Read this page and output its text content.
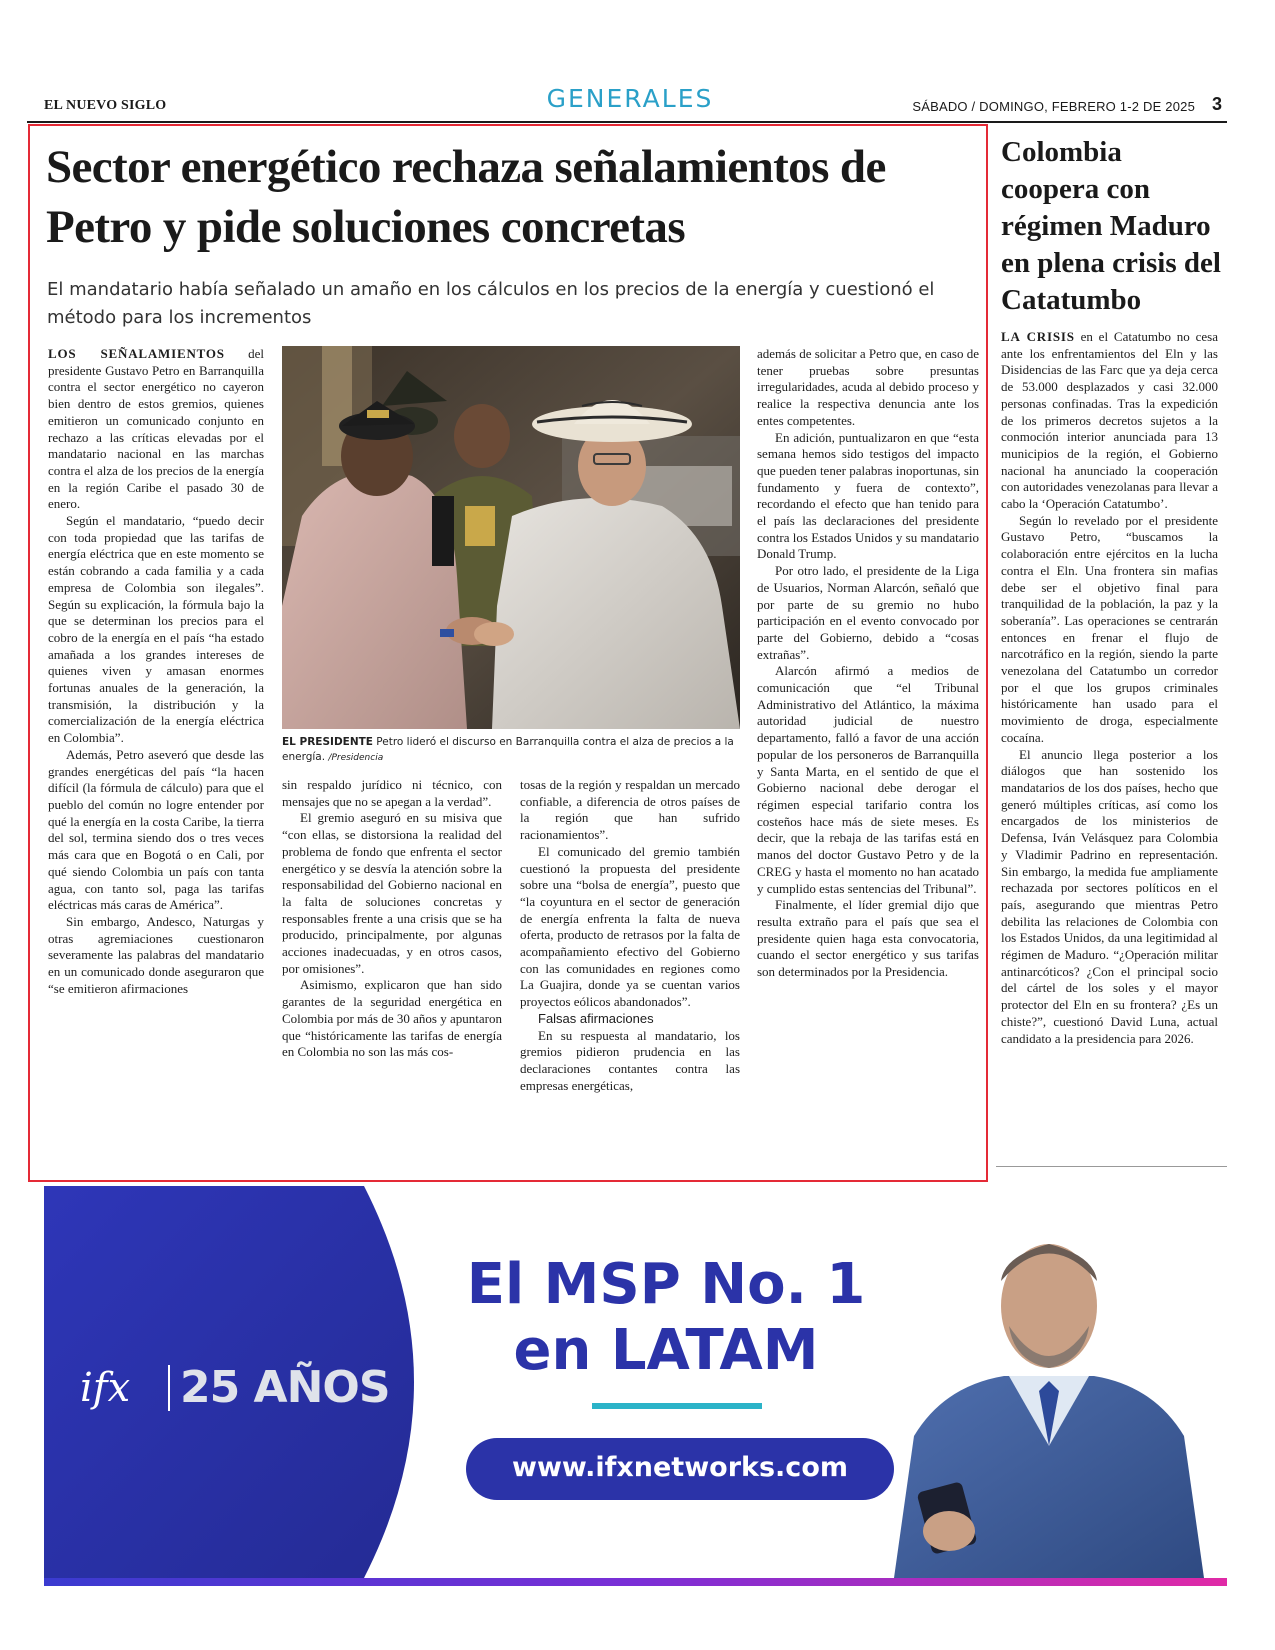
EL NUEVO SIGLO	GENERALES	SÁBADO / DOMINGO, FEBRERO 1-2 DE 2025 3
Sector energético rechaza señalamientos de Petro y pide soluciones concretas
El mandatario había señalado un amaño en los cálculos en los precios de la energía y cuestionó el método para los incrementos

LOS SEÑALAMIENTOS del presidente Gustavo Petro en Barranquilla contra el sector energético no cayeron bien dentro de estos gremios, quienes emitieron un comunicado conjunto en rechazo a las críticas elevadas por el mandatario nacional en las marchas contra el alza de los precios de la energía en la región Caribe el pasado 30 de enero.

Según el mandatario, “puedo decir con toda propiedad que las tarifas de energía eléctrica que en este momento se están cobrando a cada familia y a cada empresa de Colombia son ilegales”. Según su explicación, la fórmula bajo la que se determinan los precios para el cobro de la energía en el país “ha estado amañada a los grandes intereses de quienes viven y amasan enormes fortunas anuales de la generación, la transmisión, la distribución y la comercialización de la energía eléctrica en Colombia”.

Además, Petro aseveró que desde las grandes energéticas del país “la hacen difícil (la fórmula de cálculo) para que el pueblo del común no logre entender por qué la energía en la costa Caribe, la tierra del sol, termina siendo dos o tres veces más cara que en Bogotá o en Cali, por qué siendo Colombia un país con tanta agua, con tanto sol, paga las tarifas eléctricas más caras de América”.

Sin embargo, Andesco, Naturgas y otras agremiaciones cuestionaron severamente las palabras del mandatario en un comunicado donde aseguraron que “se emitieron afirmaciones

EL PRESIDENTE Petro lideró el discurso en Barranquilla contra el alza de precios a la energía. /Presidencia

sin respaldo jurídico ni técnico, con mensajes que no se apegan a la verdad”.

El gremio aseguró en su misiva que “con ellas, se distorsiona la realidad del problema de fondo que enfrenta el sector energético y se desvía la atención sobre la responsabilidad del Gobierno nacional en la falta de soluciones concretas y responsables frente a una crisis que se ha producido, principalmente, por algunas acciones inadecuadas, y en otros casos, por omisiones”.

Asimismo, explicaron que han sido garantes de la seguridad energética en Colombia por más de 30 años y apuntaron que “históricamente las tarifas de energía en Colombia no son las más cos-

tosas de la región y respaldan un mercado confiable, a diferencia de otros países de la región que han sufrido racionamientos”.

El comunicado del gremio también cuestionó la propuesta del presidente sobre una “bolsa de energía”, puesto que “la coyuntura en el sector de generación de energía enfrenta la falta de nueva oferta, producto de retrasos por la falta de acompañamiento efectivo del Gobierno con las comunidades en regiones como La Guajira, donde ya se cuentan varios proyectos eólicos abandonados”.

Falsas afirmaciones

En su respuesta al mandatario, los gremios pidieron prudencia en las declaraciones contantes contra las empresas energéticas,

además de solicitar a Petro que, en caso de tener pruebas sobre presuntas irregularidades, acuda al debido proceso y realice la respectiva denuncia ante los entes competentes.

En adición, puntualizaron en que “esta semana hemos sido testigos del impacto que pueden tener palabras inoportunas, sin fundamento y fuera de contexto”, recordando el efecto que han tenido para el país las declaraciones del presidente contra los Estados Unidos y su mandatario Donald Trump.

Por otro lado, el presidente de la Liga de Usuarios, Norman Alarcón, señaló que por parte de su gremio no hubo participación en el evento convocado por parte del Gobierno, debido a “cosas extrañas”.

Alarcón afirmó a medios de comunicación que “el Tribunal Administrativo del Atlántico, la máxima autoridad judicial de nuestro departamento, falló a favor de una acción popular de los personeros de Barranquilla y Santa Marta, en el sentido de que el Gobierno nacional debe derogar el régimen especial tarifario contra los costeños hace más de siete meses. Es decir, que la rebaja de las tarifas está en manos del doctor Gustavo Petro y de la CREG y hasta el momento no han acatado y cumplido estas sentencias del Tribunal”.

Finalmente, el líder gremial dijo que resulta extraño para el país que sea el presidente quien haga esta convocatoria, cuando el sector energético y sus tarifas son determinados por la Presidencia.

Colombia coopera con régimen Maduro en plena crisis del Catatumbo

LA CRISIS en el Catatumbo no cesa ante los enfrentamientos del Eln y las Disidencias de las Farc que ya deja cerca de 53.000 desplazados y casi 32.000 personas confinadas. Tras la expedición de los primeros decretos sujetos a la conmoción interior anunciada para 13 municipios de la región, el Gobierno nacional ha anunciado la cooperación con autoridades venezolanas para llevar a cabo la ‘Operación Catatumbo’.

Según lo revelado por el presidente Gustavo Petro, “buscamos la colaboración entre ejércitos en la lucha contra el Eln. Una frontera sin mafias debe ser el objetivo final para tranquilidad de la población, la paz y la soberanía”. Las operaciones se centrarán entonces en frenar el flujo de narcotráfico en la región, siendo la parte venezolana del Catatumbo un corredor por el que los grupos criminales históricamente han usado para el movimiento de droga, especialmente cocaína.

El anuncio llega posterior a los diálogos que han sostenido los mandatarios de los dos países, hecho que generó múltiples críticas, así como los encargados de los ministerios de Defensa, Iván Velásquez para Colombia y Vladimir Padrino en representación. Sin embargo, la medida fue ampliamente rechazada por sectores políticos en el país, asegurando que mientras Petro debilita las relaciones de Colombia con los Estados Unidos, da una legitimidad al régimen de Maduro. “¿Operación militar antinarcóticos? ¿Con el principal socio del cártel de los soles y el mayor protector del Eln en su frontera? ¿Es un chiste?”, cuestionó David Luna, actual candidato a la presidencia para 2026.

ifx 25 AÑOS
El MSP No. 1
en LATAM
www.ifxnetworks.com
